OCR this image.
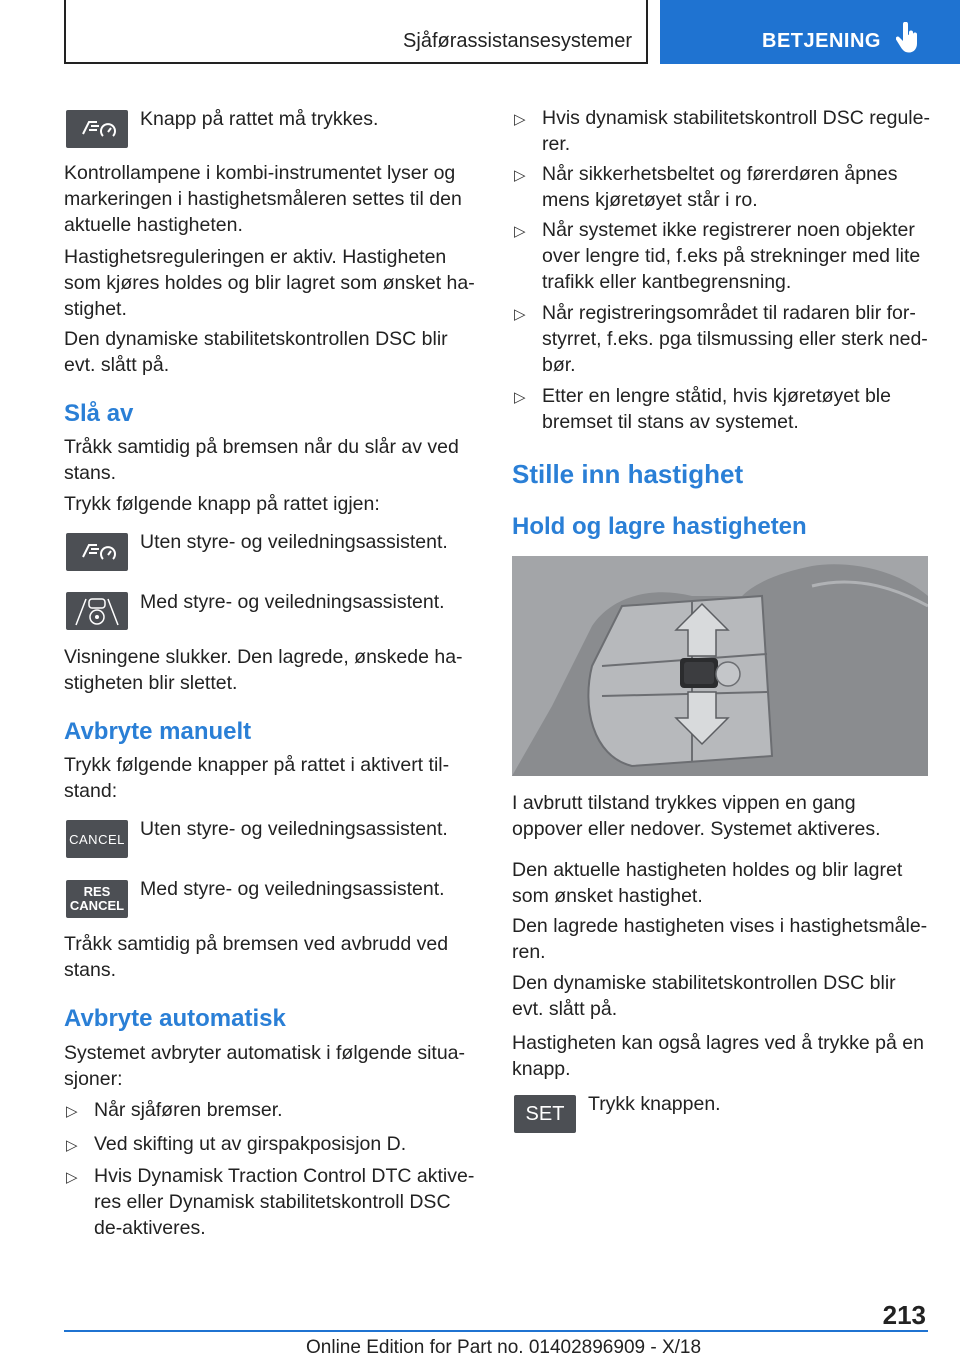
Sjåførassistansesystemer	BETJENING

Knapp på rattet må trykkes.

Kontrollampene i kombi-instrumentet lyser og markeringen i hastighetsmåleren settes til den aktuelle hastigheten.

Hastighetsreguleringen er aktiv. Hastigheten som kjøres holdes og blir lagret som ønsket ha‐stighet.

Den dynamiske stabilitetskontrollen DSC blir evt. slått på.

Slå av

Tråkk samtidig på bremsen når du slår av ved stans.

Trykk følgende knapp på rattet igjen:

Uten styre- og veiledningsassistent.

Med styre- og veiledningsassistent.

Visningene slukker. Den lagrede, ønskede ha‐stigheten blir slettet.

Avbryte manuelt

Trykk følgende knapper på rattet i aktivert til‐stand:

CANCEL Uten styre- og veiledningsassistent.

RES
CANCEL

Med styre- og veiledningsassistent.

Tråkk samtidig på bremsen ved avbrudd ved stans.

Avbryte automatisk

Systemet avbryter automatisk i følgende situa‐sjoner:

▷ Når sjåføren bremser.

▷ Ved skifting ut av girspakposisjon D.

▷ Hvis Dynamisk Traction Control DTC aktive‐res eller Dynamisk stabilitetskontroll DSC de‐aktiveres.

▷ Hvis dynamisk stabilitetskontroll DSC regule‐rer.

▷ Når sikkerhetsbeltet og førerdøren åpnes mens kjøretøyet står i ro.

▷ Når systemet ikke registrerer noen objekter over lengre tid, f.eks på strekninger med lite trafikk eller kantbegrensning.

▷ Når registreringsområdet til radaren blir for‐styrret, f.eks. pga tilsmussing eller sterk ned‐bør.

▷ Etter en lengre ståtid, hvis kjøretøyet ble bremset til stans av systemet.

Stille inn hastighet
Hold og lagre hastigheten

I avbrutt tilstand trykkes vippen en gang oppover eller nedover. Systemet aktiveres.

Den aktuelle hastigheten holdes og blir lagret som ønsket hastighet.

Den lagrede hastigheten vises i hastighetsmåle‐ren.

Den dynamiske stabilitetskontrollen DSC blir evt. slått på.

Hastigheten kan også lagres ved å trykke på en knapp.

SET Trykk knappen.

213
Online Edition for Part no. 01402896909 - X/18
